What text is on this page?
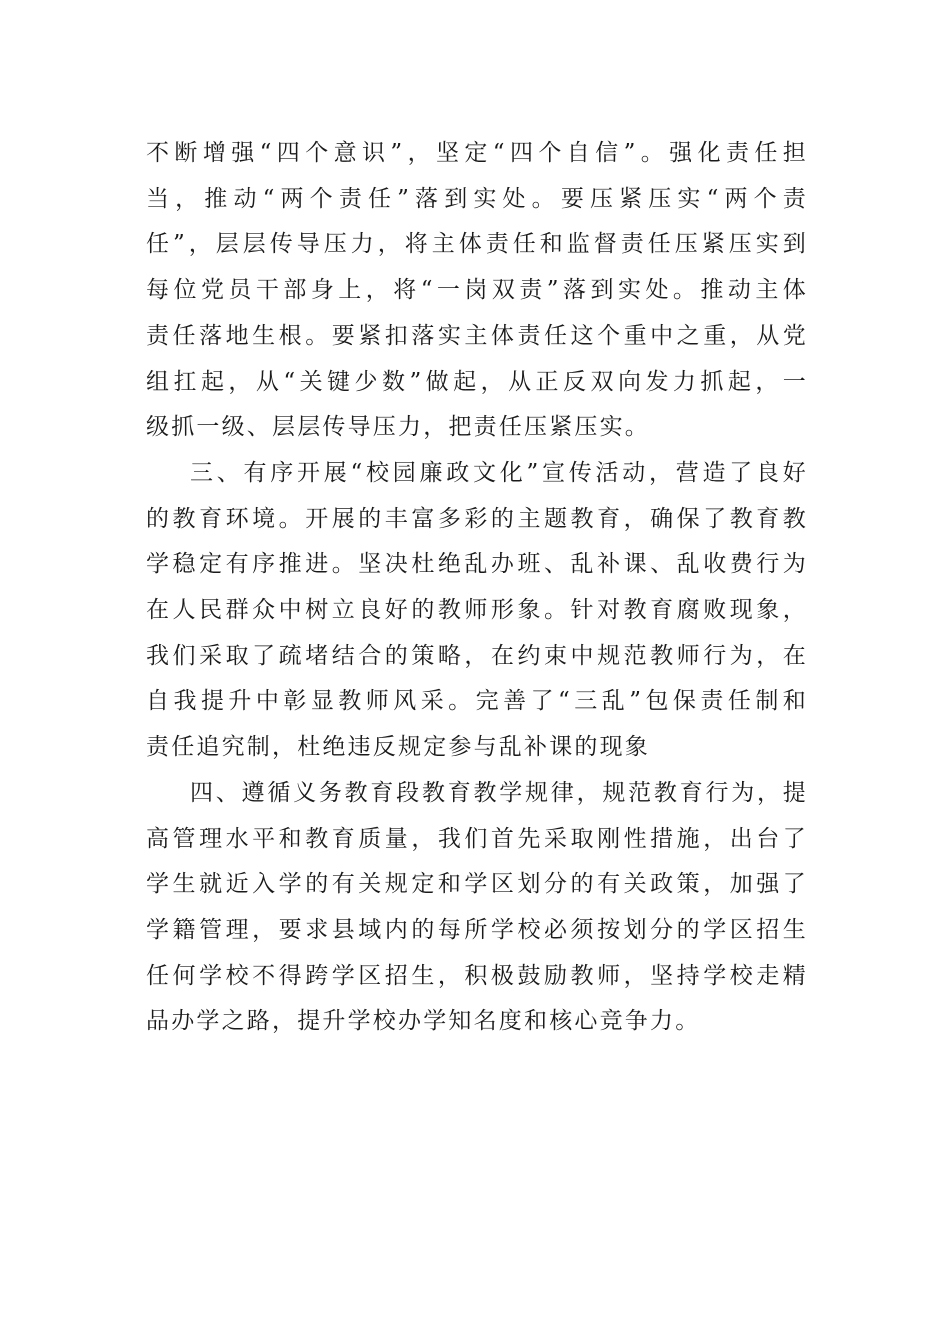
不断增强“四个意识”，坚定“四个自信”。强化责任担
当，推动“两个责任”落到实处。要压紧压实“两个责
任”，层层传导压力，将主体责任和监督责任压紧压实到
每位党员干部身上，将“一岗双责”落到实处。推动主体
责任落地生根。要紧扣落实主体责任这个重中之重，从党
组扛起，从“关键少数”做起，从正反双向发力抓起，一
级抓一级、层层传导压力，把责任压紧压实。

三、有序开展“校园廉政文化”宣传活动，营造了良好
的教育环境。开展的丰富多彩的主题教育，确保了教育教
学稳定有序推进。坚决杜绝乱办班、乱补课、乱收费行为
在人民群众中树立良好的教师形象。针对教育腐败现象，
我们采取了疏堵结合的策略，在约束中规范教师行为，在
自我提升中彰显教师风采。完善了“三乱”包保责任制和
责任追究制，杜绝违反规定参与乱补课的现象

四、遵循义务教育段教育教学规律，规范教育行为，提
高管理水平和教育质量，我们首先采取刚性措施，出台了
学生就近入学的有关规定和学区划分的有关政策，加强了
学籍管理，要求县域内的每所学校必须按划分的学区招生
任何学校不得跨学区招生，积极鼓励教师，坚持学校走精
品办学之路，提升学校办学知名度和核心竞争力。
